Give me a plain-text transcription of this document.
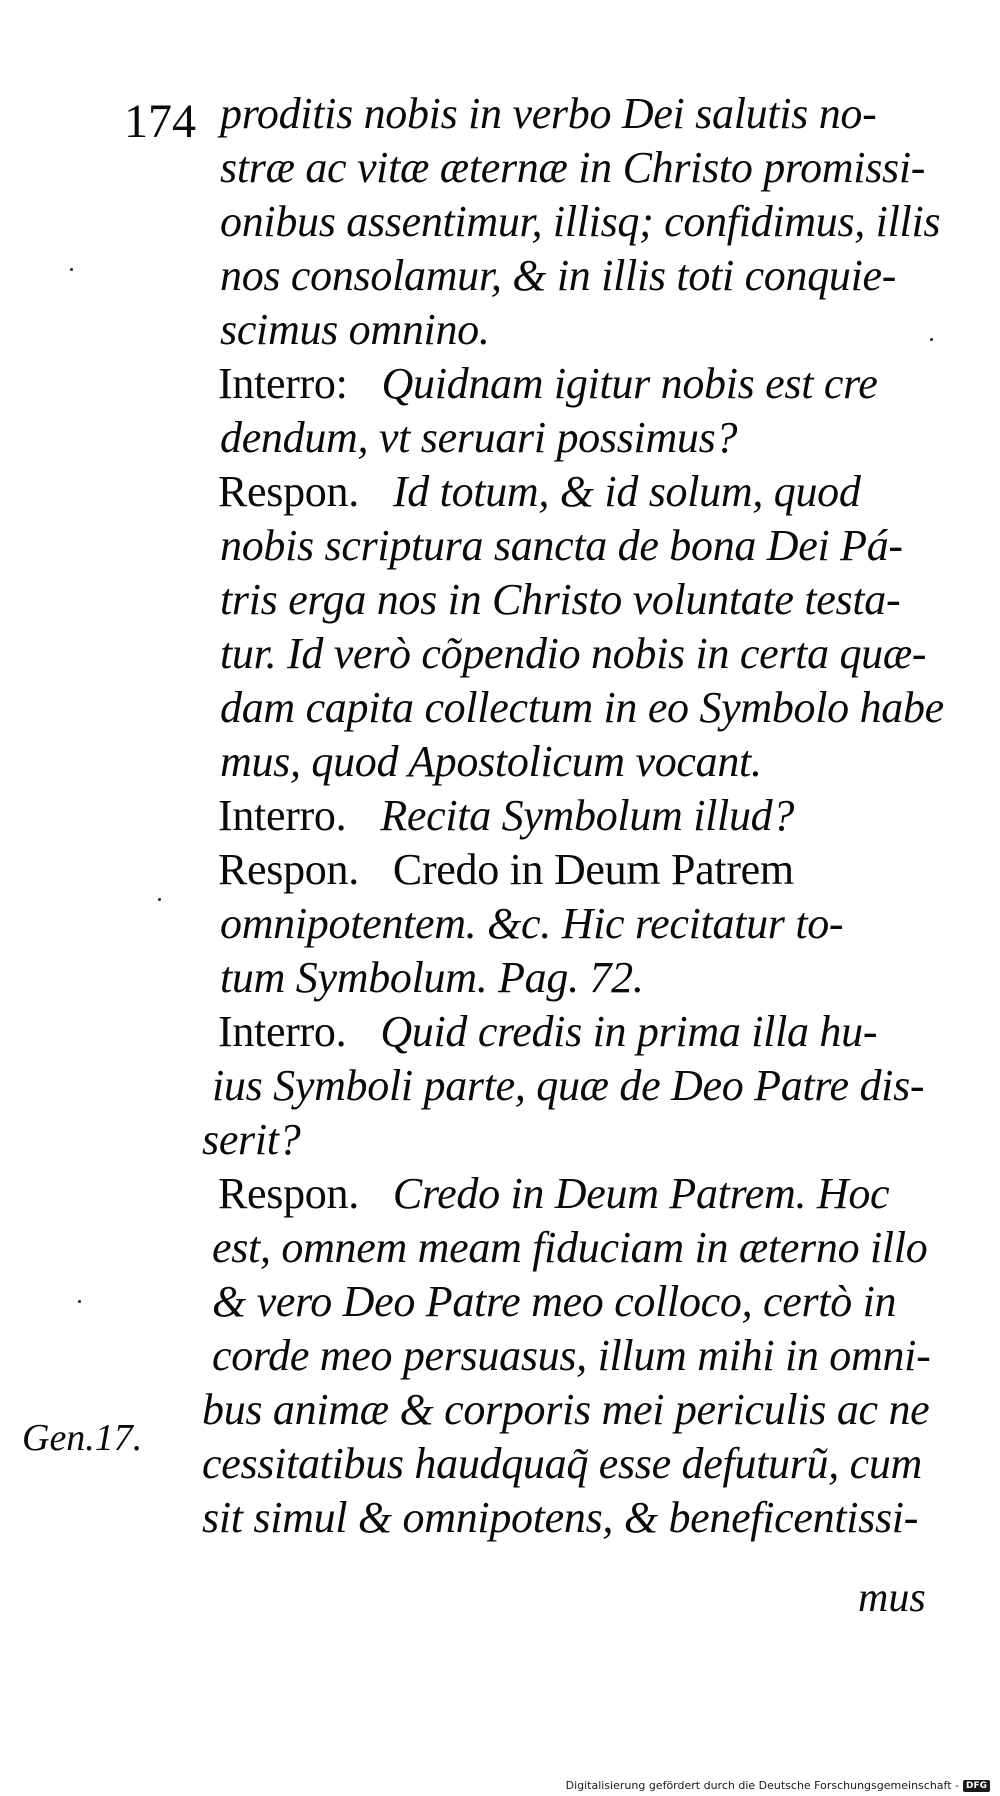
174 proditis nobis in verbo Dei salutis no-
stræ ac vitæ æternæ in Christo promissi-
onibus assentimur, illisq; confidimus, illis
nos consolamur, & in illis toti conquie-
scimus omnino.
Interro: Quidnam igitur nobis est cre
dendum, vt seruari possimus?
Respon. Id totum, & id solum, quod
nobis scriptura sancta de bona Dei Pá-
tris erga nos in Christo voluntate testa-
tur. Id verò cõpendio nobis in certa quæ-
dam capita collectum in eo Symbolo habe
mus, quod Apostolicum vocant.
Interro. Recita Symbolum illud?
Respon. Credo in Deum Patrem
omnipotentem. &c. Hic recitatur to-
tum Symbolum. Pag. 72.
Interro. Quid credis in prima illa hu-
ius Symboli parte, quæ de Deo Patre dis-
serit?
Respon. Credo in Deum Patrem. Hoc
est, omnem meam fiduciam in æterno illo
& vero Deo Patre meo colloco, certò in
corde meo persuasus, illum mihi in omni-
bus animæ & corporis mei periculis ac ne
cessitatibus haudquaq̃ esse defuturũ, cum
sit simul & omnipotens, & beneficentissi-
Gen.17.
mus
Digitalisierung gefördert durch die Deutsche Forschungsgemeinschaft - DFG
